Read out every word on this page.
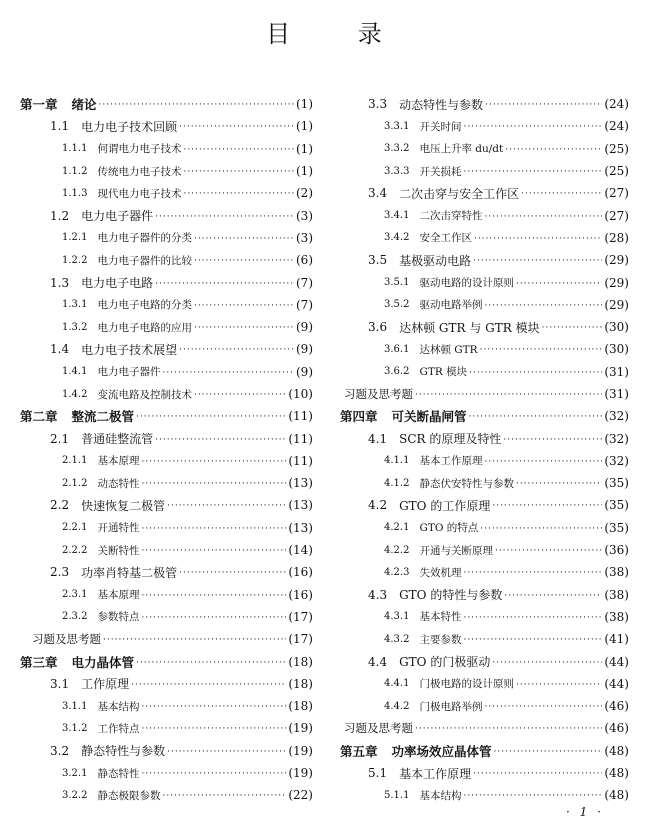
目 录
第一章 绪论 ·····	(1)
1.1 电力电子技术回顾 ·····	(1)
1.1.1 何谓电力电子技术 ·····	(1)
1.1.2 传统电力电子技术 ·····	(1)
1.1.3 现代电力电子技术 ·····	(2)
1.2 电力电子器件 ·····	(3)
1.2.1 电力电子器件的分类 ·····	(3)
1.2.2 电力电子器件的比较 ·····	(6)
1.3 电力电子电路 ·····	(7)
1.3.1 电力电子电路的分类 ·····	(7)
1.3.2 电力电子电路的应用 ·····	(9)
1.4 电力电子技术展望 ·····	(9)
1.4.1 电力电子器件 ·····	(9)
1.4.2 变流电路及控制技术 ·····	(10)
第二章 整流二极管 ·····	(11)
2.1 普通硅整流管 ·····	(11)
2.1.1 基本原理 ·····	(11)
2.1.2 动态特性 ·····	(13)
2.2 快速恢复二极管 ·····	(13)
2.2.1 开通特性 ·····	(13)
2.2.2 关断特性 ·····	(14)
2.3 功率肖特基二极管 ·····	(16)
2.3.1 基本原理 ·····	(16)
2.3.2 参数特点 ·····	(17)
习题及思考题 ·····	(17)
第三章 电力晶体管 ·····	(18)
3.1 工作原理 ·····	(18)
3.1.1 基本结构 ·····	(18)
3.1.2 工作特点 ·····	(19)
3.2 静态特性与参数 ·····	(19)
3.2.1 静态特性 ·····	(19)
3.2.2 静态极限参数 ·····	(22)
3.3 动态特性与参数 ·····	(24)
3.3.1 开关时间 ·····	(24)
3.3.2 电压上升率 du/dt ·····	(25)
3.3.3 开关损耗 ·····	(25)
3.4 二次击穿与安全工作区 ·····	(27)
3.4.1 二次击穿特性 ·····	(27)
3.4.2 安全工作区 ·····	(28)
3.5 基极驱动电路 ·····	(29)
3.5.1 驱动电路的设计原则 ·····	(29)
3.5.2 驱动电路举例 ·····	(29)
3.6 达林顿 GTR 与 GTR 模块 ·····	(30)
3.6.1 达林顿 GTR ·····	(30)
3.6.2 GTR 模块 ·····	(31)
习题及思考题 ·····	(31)
第四章 可关断晶闸管 ·····	(32)
4.1 SCR 的原理及特性 ·····	(32)
4.1.1 基本工作原理 ·····	(32)
4.1.2 静态伏安特性与参数 ·····	(35)
4.2 GTO 的工作原理 ·····	(35)
4.2.1 GTO 的特点 ·····	(35)
4.2.2 开通与关断原理 ·····	(36)
4.2.3 失效机理 ·····	(38)
4.3 GTO 的特性与参数 ·····	(38)
4.3.1 基本特性 ·····	(38)
4.3.2 主要参数 ·····	(41)
4.4 GTO 的门极驱动 ·····	(44)
4.4.1 门极电路的设计原则 ·····	(44)
4.4.2 门极电路举例 ·····	(46)
习题及思考题 ·····	(46)
第五章 功率场效应晶体管 ·····	(48)
5.1 基本工作原理 ·····	(48)
5.1.1 基本结构 ·····	(48)
· 1 ·
